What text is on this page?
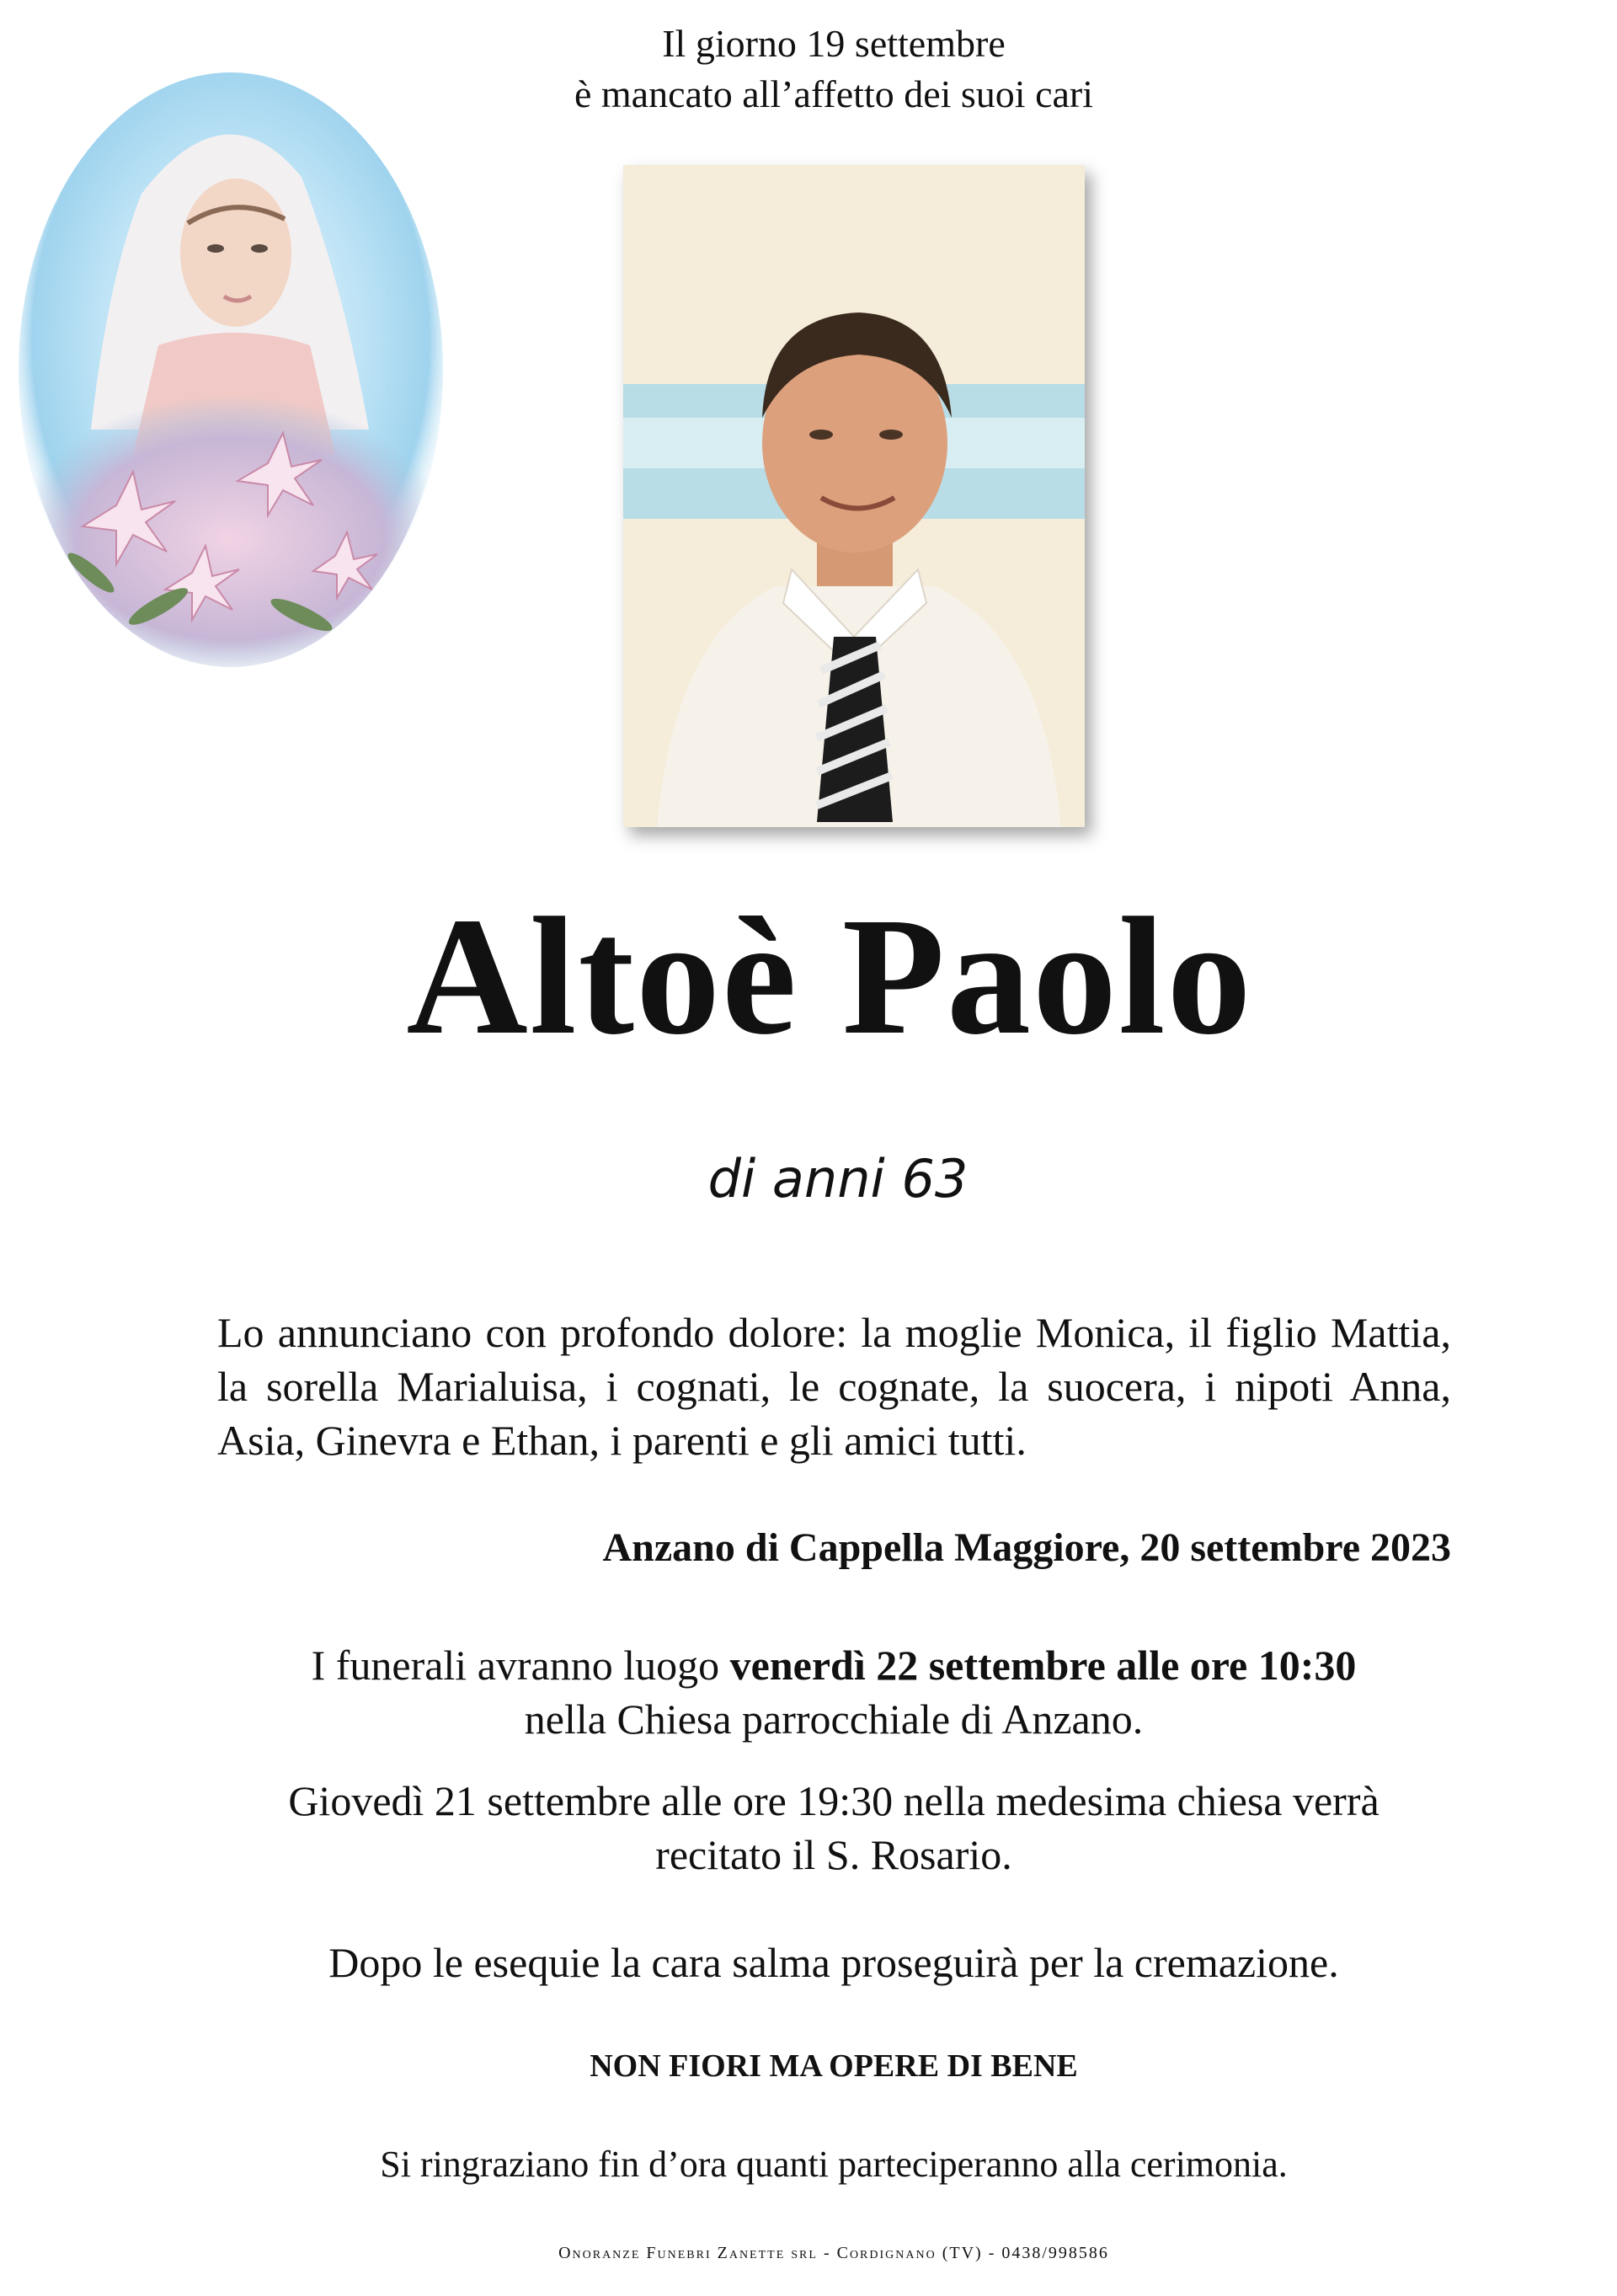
Il giorno 19 settembre
è mancato all’affetto dei suoi cari
Altoè Paolo
di anni 63
Lo annunciano con profondo dolore: la moglie Monica, il figlio Mattia, la sorella Marialuisa, i cognati, le cognate, la suocera, i nipoti Anna, Asia, Ginevra e Ethan, i parenti e gli amici tutti.
Anzano di Cappella Maggiore, 20 settembre 2023
I funerali avranno luogo venerdì 22 settembre alle ore 10:30
nella Chiesa parrocchiale di Anzano.
Giovedì 21 settembre alle ore 19:30 nella medesima chiesa verrà
recitato il S. Rosario.
Dopo le esequie la cara salma proseguirà per la cremazione.
NON FIORI MA OPERE DI BENE
Si ringraziano fin d’ora quanti parteciperanno alla cerimonia.
Onoranze Funebri Zanette srl - Cordignano (TV) - 0438/998586
